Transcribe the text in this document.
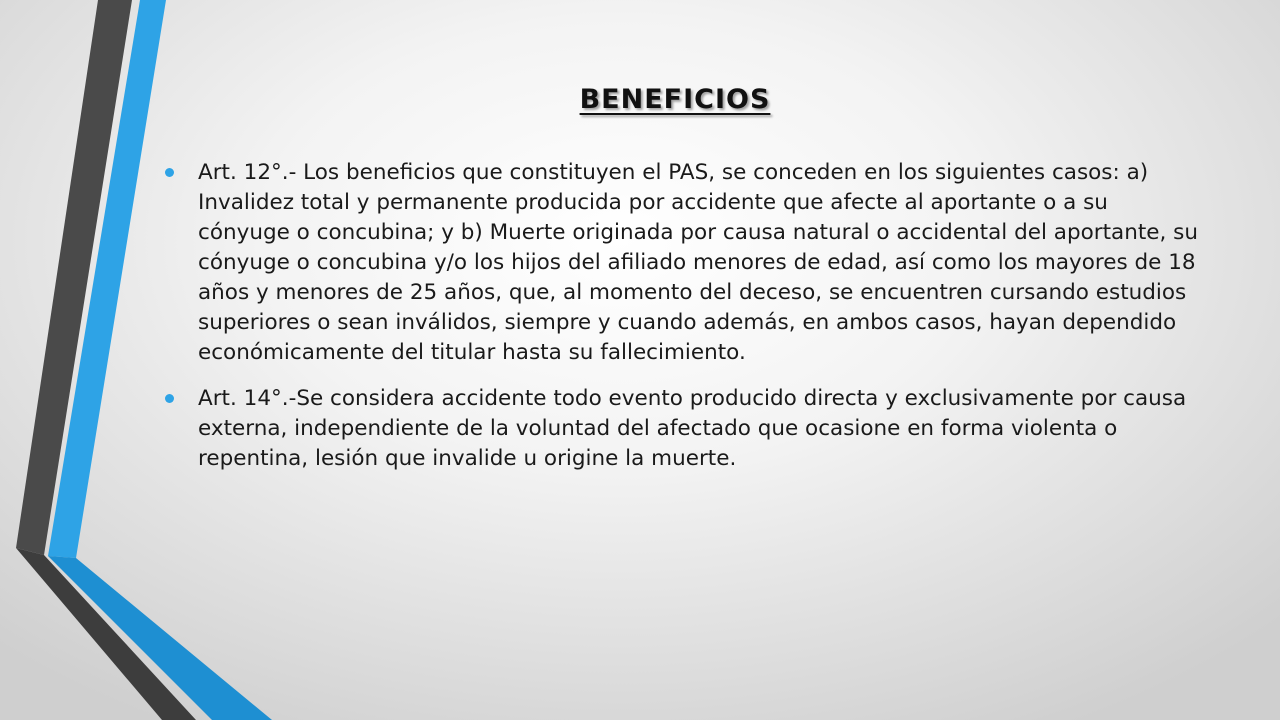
beneficios
Art. 12°.- Los beneficios que constituyen el PAS, se conceden en los siguientes casos: a) Invalidez total y permanente producida por accidente que afecte al aportante o a su cónyuge o concubina; y b) Muerte originada por causa natural o accidental del aportante, su cónyuge o concubina y/o los hijos del afiliado menores de edad, así como los mayores de 18 años y menores de 25 años, que, al momento del deceso, se encuentren cursando estudios superiores o sean inválidos, siempre y cuando además, en ambos casos, hayan dependido económicamente del titular hasta su fallecimiento.
Art. 14°.-Se considera accidente todo evento producido directa y exclusivamente por causa externa, independiente de la voluntad del afectado que ocasione en forma violenta o repentina, lesión que invalide u origine la muerte.
